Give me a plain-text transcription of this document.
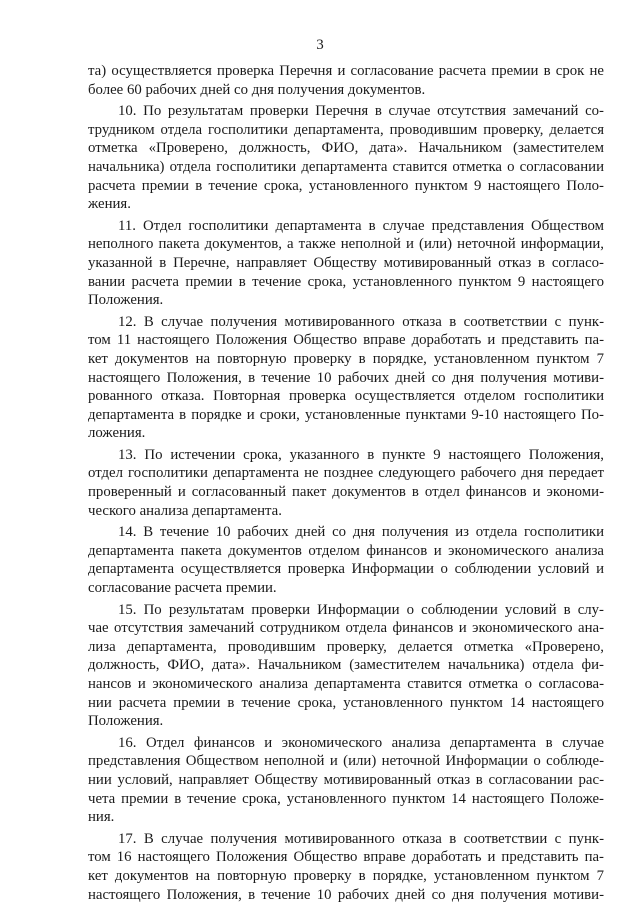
3
та) осуществляется проверка Перечня и согласование расчета премии в срок не
более 60 рабочих дней со дня получения документов.
10. По результатам проверки Перечня в случае отсутствия замечаний со-
трудником отдела госполитики департамента, проводившим проверку, делается
отметка «Проверено, должность, ФИО, дата». Начальником (заместителем
начальника) отдела госполитики департамента ставится отметка о согласовании
расчета премии в течение срока, установленного пунктом 9 настоящего Поло-
жения.
11. Отдел госполитики департамента в случае представления Обществом
неполного пакета документов, а также неполной и (или) неточной информации,
указанной в Перечне, направляет Обществу мотивированный отказ в согласо-
вании расчета премии в течение срока, установленного пунктом 9 настоящего
Положения.
12. В случае получения мотивированного отказа в соответствии с пунк-
том 11 настоящего Положения Общество вправе доработать и представить па-
кет документов на повторную проверку в порядке, установленном пунктом 7
настоящего Положения, в течение 10 рабочих дней со дня получения мотиви-
рованного отказа. Повторная проверка осуществляется отделом госполитики
департамента в порядке и сроки, установленные пунктами 9-10 настоящего По-
ложения.
13. По истечении срока, указанного в пункте 9 настоящего Положения,
отдел госполитики департамента не позднее следующего рабочего дня передает
проверенный и согласованный пакет документов в отдел финансов и экономи-
ческого анализа департамента.
14. В течение 10 рабочих дней со дня получения из отдела госполитики
департамента пакета документов отделом финансов и экономического анализа
департамента осуществляется проверка Информации о соблюдении условий и
согласование расчета премии.
15. По результатам проверки Информации о соблюдении условий в слу-
чае отсутствия замечаний сотрудником отдела финансов и экономического ана-
лиза департамента, проводившим проверку, делается отметка «Проверено,
должность, ФИО, дата». Начальником (заместителем начальника) отдела фи-
нансов и экономического анализа департамента ставится отметка о согласова-
нии расчета премии в течение срока, установленного пунктом 14 настоящего
Положения.
16. Отдел финансов и экономического анализа департамента в случае
представления Обществом неполной и (или) неточной Информации о соблюде-
нии условий, направляет Обществу мотивированный отказ в согласовании рас-
чета премии в течение срока, установленного пунктом 14 настоящего Положе-
ния.
17. В случае получения мотивированного отказа в соответствии с пунк-
том 16 настоящего Положения Общество вправе доработать и представить па-
кет документов на повторную проверку в порядке, установленном пунктом 7
настоящего Положения, в течение 10 рабочих дней со дня получения мотиви-
